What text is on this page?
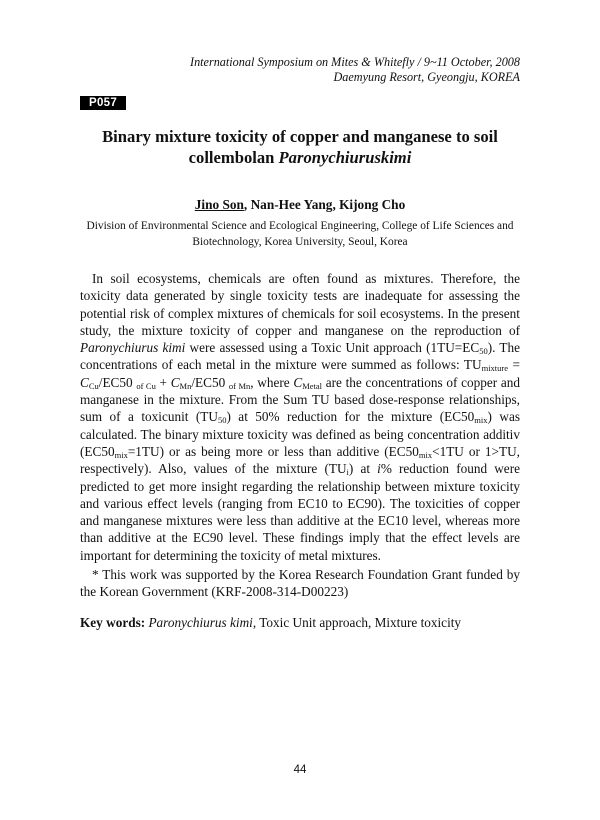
International Symposium on Mites & Whitefly / 9~11 October, 2008
Daemyung Resort, Gyeongju, KOREA
P057
Binary mixture toxicity of copper and manganese to soil
collembolan Paronychiuruskimi
Jino Son, Nan-Hee Yang, Kijong Cho
Division of Environmental Science and Ecological Engineering, College of Life Sciences and Biotechnology, Korea University, Seoul, Korea
In soil ecosystems, chemicals are often found as mixtures. Therefore, the toxicity data generated by single toxicity tests are inadequate for assessing the potential risk of complex mixtures of chemicals for soil ecosystems. In the present study, the mixture toxicity of copper and manganese on the reproduction of Paronychiurus kimi were assessed using a Toxic Unit approach $(1TU=EC_{50})$. The concentrations of each metal in the mixture were summed as follows: $TU_{mixture} = C_{Cu}/EC50$ $_{of Cu} + C_{Mn}/EC50$ $_{of Mn}$, where $C_{Metal}$ are the concentrations of copper and manganese in the mixture. From the Sum TU based dose-response relationships, sum of a toxicunit $(TU_{50})$ at 50% reduction for the mixture $(EC50_{mix})$ was calculated. The binary mixture toxicity was defined as being concentration additiv $(EC50_{mix}=1TU)$ or as being more or less than additive ($EC50_{mix}<1TU$ or 1>TU, respectively). Also, values of the mixture $(TU_i)$ at i% reduction found were predicted to get more insight regarding the relationship between mixture toxicity and various effect levels (ranging from EC10 to EC90). The toxicities of copper and manganese mixtures were less than additive at the EC10 level, whereas more than additive at the EC90 level. These findings imply that the effect levels are important for determining the toxicity of metal mixtures.
* This work was supported by the Korea Research Foundation Grant funded by the Korean Government (KRF-2008-314-D00223)
Key words: Paronychiurus kimi, Toxic Unit approach, Mixture toxicity
44
